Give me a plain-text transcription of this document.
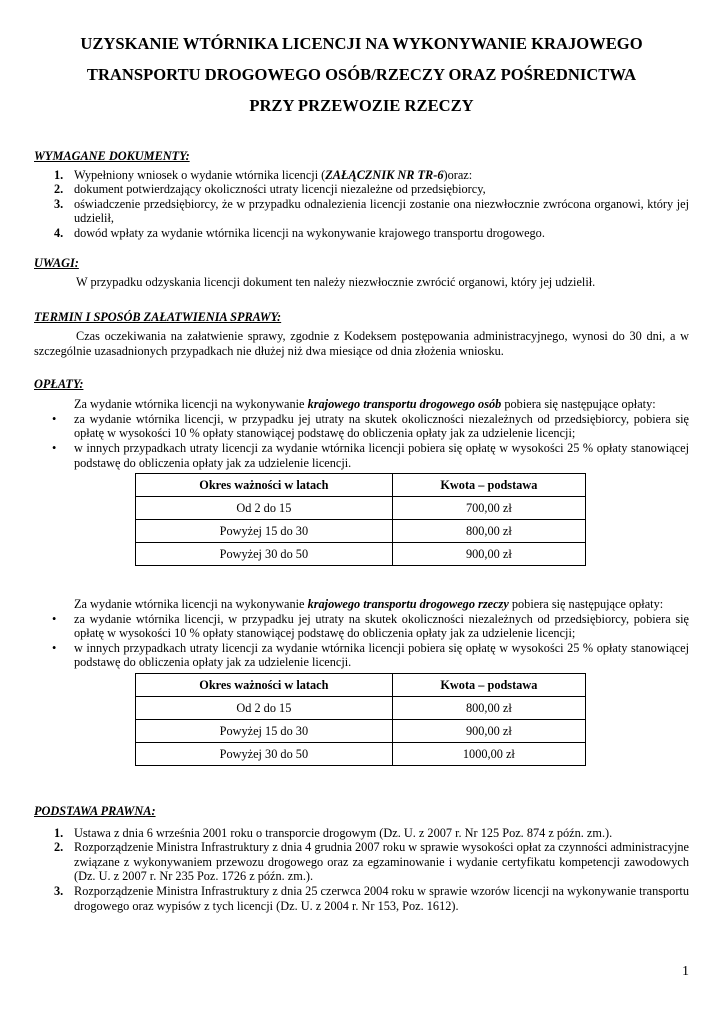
UZYSKANIE WTÓRNIKA LICENCJI NA WYKONYWANIE KRAJOWEGO
TRANSPORTU DROGOWEGO OSÓB/RZECZY ORAZ POŚREDNICTWA
PRZY PRZEWOZIE RZECZY
WYMAGANE DOKUMENTY:
1. Wypełniony wniosek o wydanie wtórnika licencji (ZAŁĄCZNIK NR TR-6)oraz:
2. dokument potwierdzający okoliczności utraty licencji niezależne od przedsiębiorcy,
3. oświadczenie przedsiębiorcy, że w przypadku odnalezienia licencji zostanie ona niezwłocznie zwrócona organowi, który jej udzielił,
4. dowód wpłaty za wydanie wtórnika licencji na wykonywanie krajowego transportu drogowego.
UWAGI:

W przypadku odzyskania licencji dokument ten należy niezwłocznie zwrócić organowi, który jej udzielił.

TERMIN I SPOSÓB ZAŁATWIENIA SPRAWY:

Czas oczekiwania na załatwienie sprawy, zgodnie z Kodeksem postępowania administracyjnego, wynosi do 30 dni, a w szczególnie uzasadnionych przypadkach nie dłużej niż dwa miesiące od dnia złożenia wniosku.

OPŁATY:

Za wydanie wtórnika licencji na wykonywanie krajowego transportu drogowego osób pobiera się następujące opłaty:

• za wydanie wtórnika licencji, w przypadku jej utraty na skutek okoliczności niezależnych od przedsiębiorcy, pobiera się opłatę w wysokości 10 % opłaty stanowiącej podstawę do obliczenia opłaty jak za udzielenie licencji;
• w innych przypadkach utraty licencji za wydanie wtórnika licencji pobiera się opłatę w wysokości 25 % opłaty stanowiącej podstawę do obliczenia opłaty jak za udzielenie licencji.
Okres ważności w latach	Kwota – podstawa
Od 2 do 15	700,00 zł
Powyżej 15 do 30	800,00 zł
Powyżej 30 do 50	900,00 zł

Za wydanie wtórnika licencji na wykonywanie krajowego transportu drogowego rzeczy pobiera się następujące opłaty:

• za wydanie wtórnika licencji, w przypadku jej utraty na skutek okoliczności niezależnych od przedsiębiorcy, pobiera się opłatę w wysokości 10 % opłaty stanowiącej podstawę do obliczenia opłaty jak za udzielenie licencji;
• w innych przypadkach utraty licencji za wydanie wtórnika licencji pobiera się opłatę w wysokości 25 % opłaty stanowiącej podstawę do obliczenia opłaty jak za udzielenie licencji.
Okres ważności w latach	Kwota – podstawa
Od 2 do 15	800,00 zł
Powyżej 15 do 30	900,00 zł
Powyżej 30 do 50	1000,00 zł
PODSTAWA PRAWNA:
1. Ustawa z dnia 6 września 2001 roku o transporcie drogowym (Dz. U. z 2007 r. Nr 125 Poz. 874 z późn. zm.).
2. Rozporządzenie Ministra Infrastruktury z dnia 4 grudnia 2007 roku w sprawie wysokości opłat za czynności administracyjne związane z wykonywaniem przewozu drogowego oraz za egzaminowanie i wydanie certyfikatu kompetencji zawodowych (Dz. U. z 2007 r. Nr 235 Poz. 1726 z późn. zm.).
3. Rozporządzenie Ministra Infrastruktury z dnia 25 czerwca 2004 roku w sprawie wzorów licencji na wykonywanie transportu drogowego oraz wypisów z tych licencji (Dz. U. z 2004 r. Nr 153, Poz. 1612).
1
